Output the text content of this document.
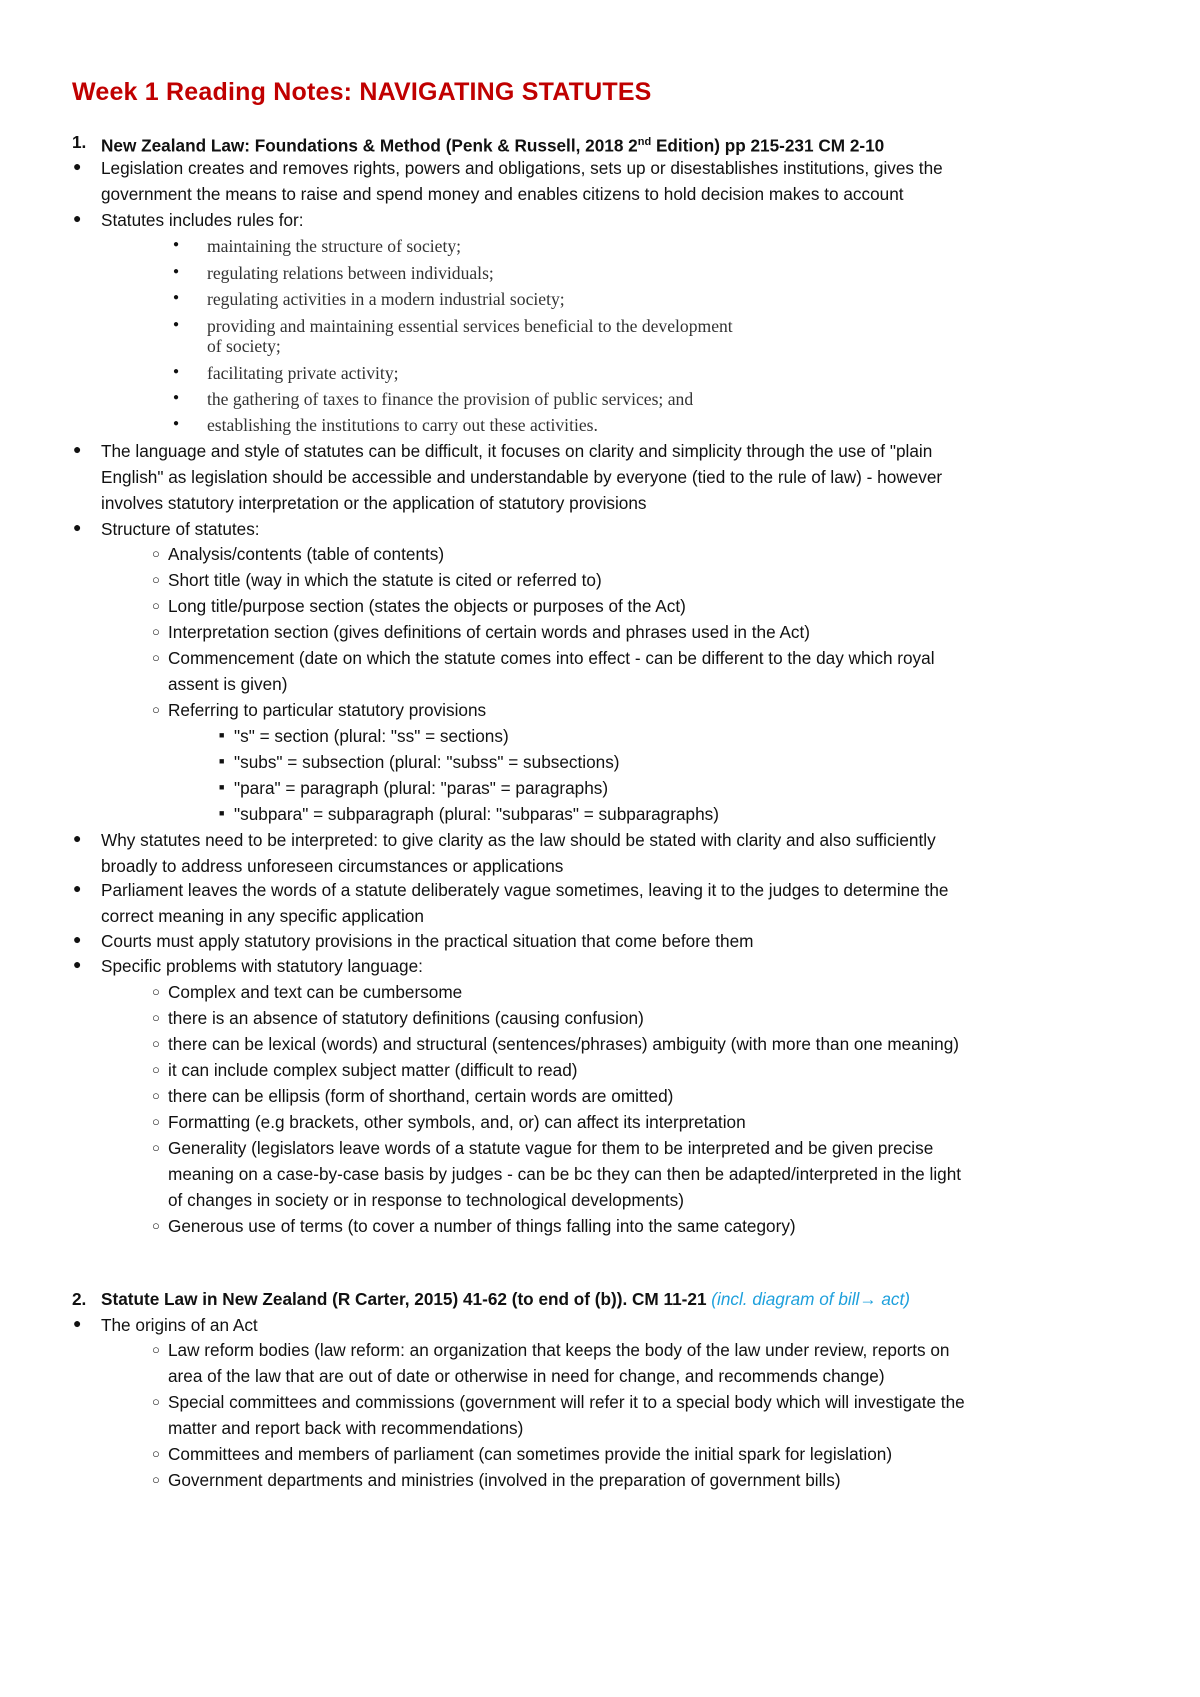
Week 1 Reading Notes: NAVIGATING STATUTES
1. New Zealand Law: Foundations & Method (Penk & Russell, 2018 2nd Edition) pp 215-231 CM 2-10
● Legislation creates and removes rights, powers and obligations, sets up or disestablishes institutions, gives the
government the means to raise and spend money and enables citizens to hold decision makes to account
● Statutes includes rules for:
● maintaining the structure of society;
● regulating relations between individuals;
● regulating activities in a modern industrial society;
● providing and maintaining essential services beneficial to the development
of society;
● facilitating private activity;
● the gathering of taxes to finance the provision of public services; and
● establishing the institutions to carry out these activities.
● The language and style of statutes can be difficult, it focuses on clarity and simplicity through the use of "plain
English" as legislation should be accessible and understandable by everyone (tied to the rule of law) - however
involves statutory interpretation or the application of statutory provisions
● Structure of statutes:
○ Analysis/contents (table of contents)
○ Short title (way in which the statute is cited or referred to)
○ Long title/purpose section (states the objects or purposes of the Act)
○ Interpretation section (gives definitions of certain words and phrases used in the Act)
○ Commencement (date on which the statute comes into effect - can be different to the day which royal
assent is given)
○ Referring to particular statutory provisions
■ "s" = section (plural: "ss" = sections)
■ "subs" = subsection (plural: "subss" = subsections)
■ "para" = paragraph (plural: "paras" = paragraphs)
■ "subpara" = subparagraph (plural: "subparas" = subparagraphs)
● Why statutes need to be interpreted: to give clarity as the law should be stated with clarity and also sufficiently
broadly to address unforeseen circumstances or applications
● Parliament leaves the words of a statute deliberately vague sometimes, leaving it to the judges to determine the
correct meaning in any specific application
● Courts must apply statutory provisions in the practical situation that come before them
● Specific problems with statutory language:
○ Complex and text can be cumbersome
○ there is an absence of statutory definitions (causing confusion)
○ there can be lexical (words) and structural (sentences/phrases) ambiguity (with more than one meaning)
○ it can include complex subject matter (difficult to read)
○ there can be ellipsis (form of shorthand, certain words are omitted)
○ Formatting (e.g brackets, other symbols, and, or) can affect its interpretation
○ Generality (legislators leave words of a statute vague for them to be interpreted and be given precise
meaning on a case-by-case basis by judges - can be bc they can then be adapted/interpreted in the light
of changes in society or in response to technological developments)
○ Generous use of terms (to cover a number of things falling into the same category)
2. Statute Law in New Zealand (R Carter, 2015) 41-62 (to end of (b)). CM 11-21 (incl. diagram of bill→ act)
● The origins of an Act
○ Law reform bodies (law reform: an organization that keeps the body of the law under review, reports on
area of the law that are out of date or otherwise in need for change, and recommends change)
○ Special committees and commissions (government will refer it to a special body which will investigate the
matter and report back with recommendations)
○ Committees and members of parliament (can sometimes provide the initial spark for legislation)
○ Government departments and ministries (involved in the preparation of government bills)
